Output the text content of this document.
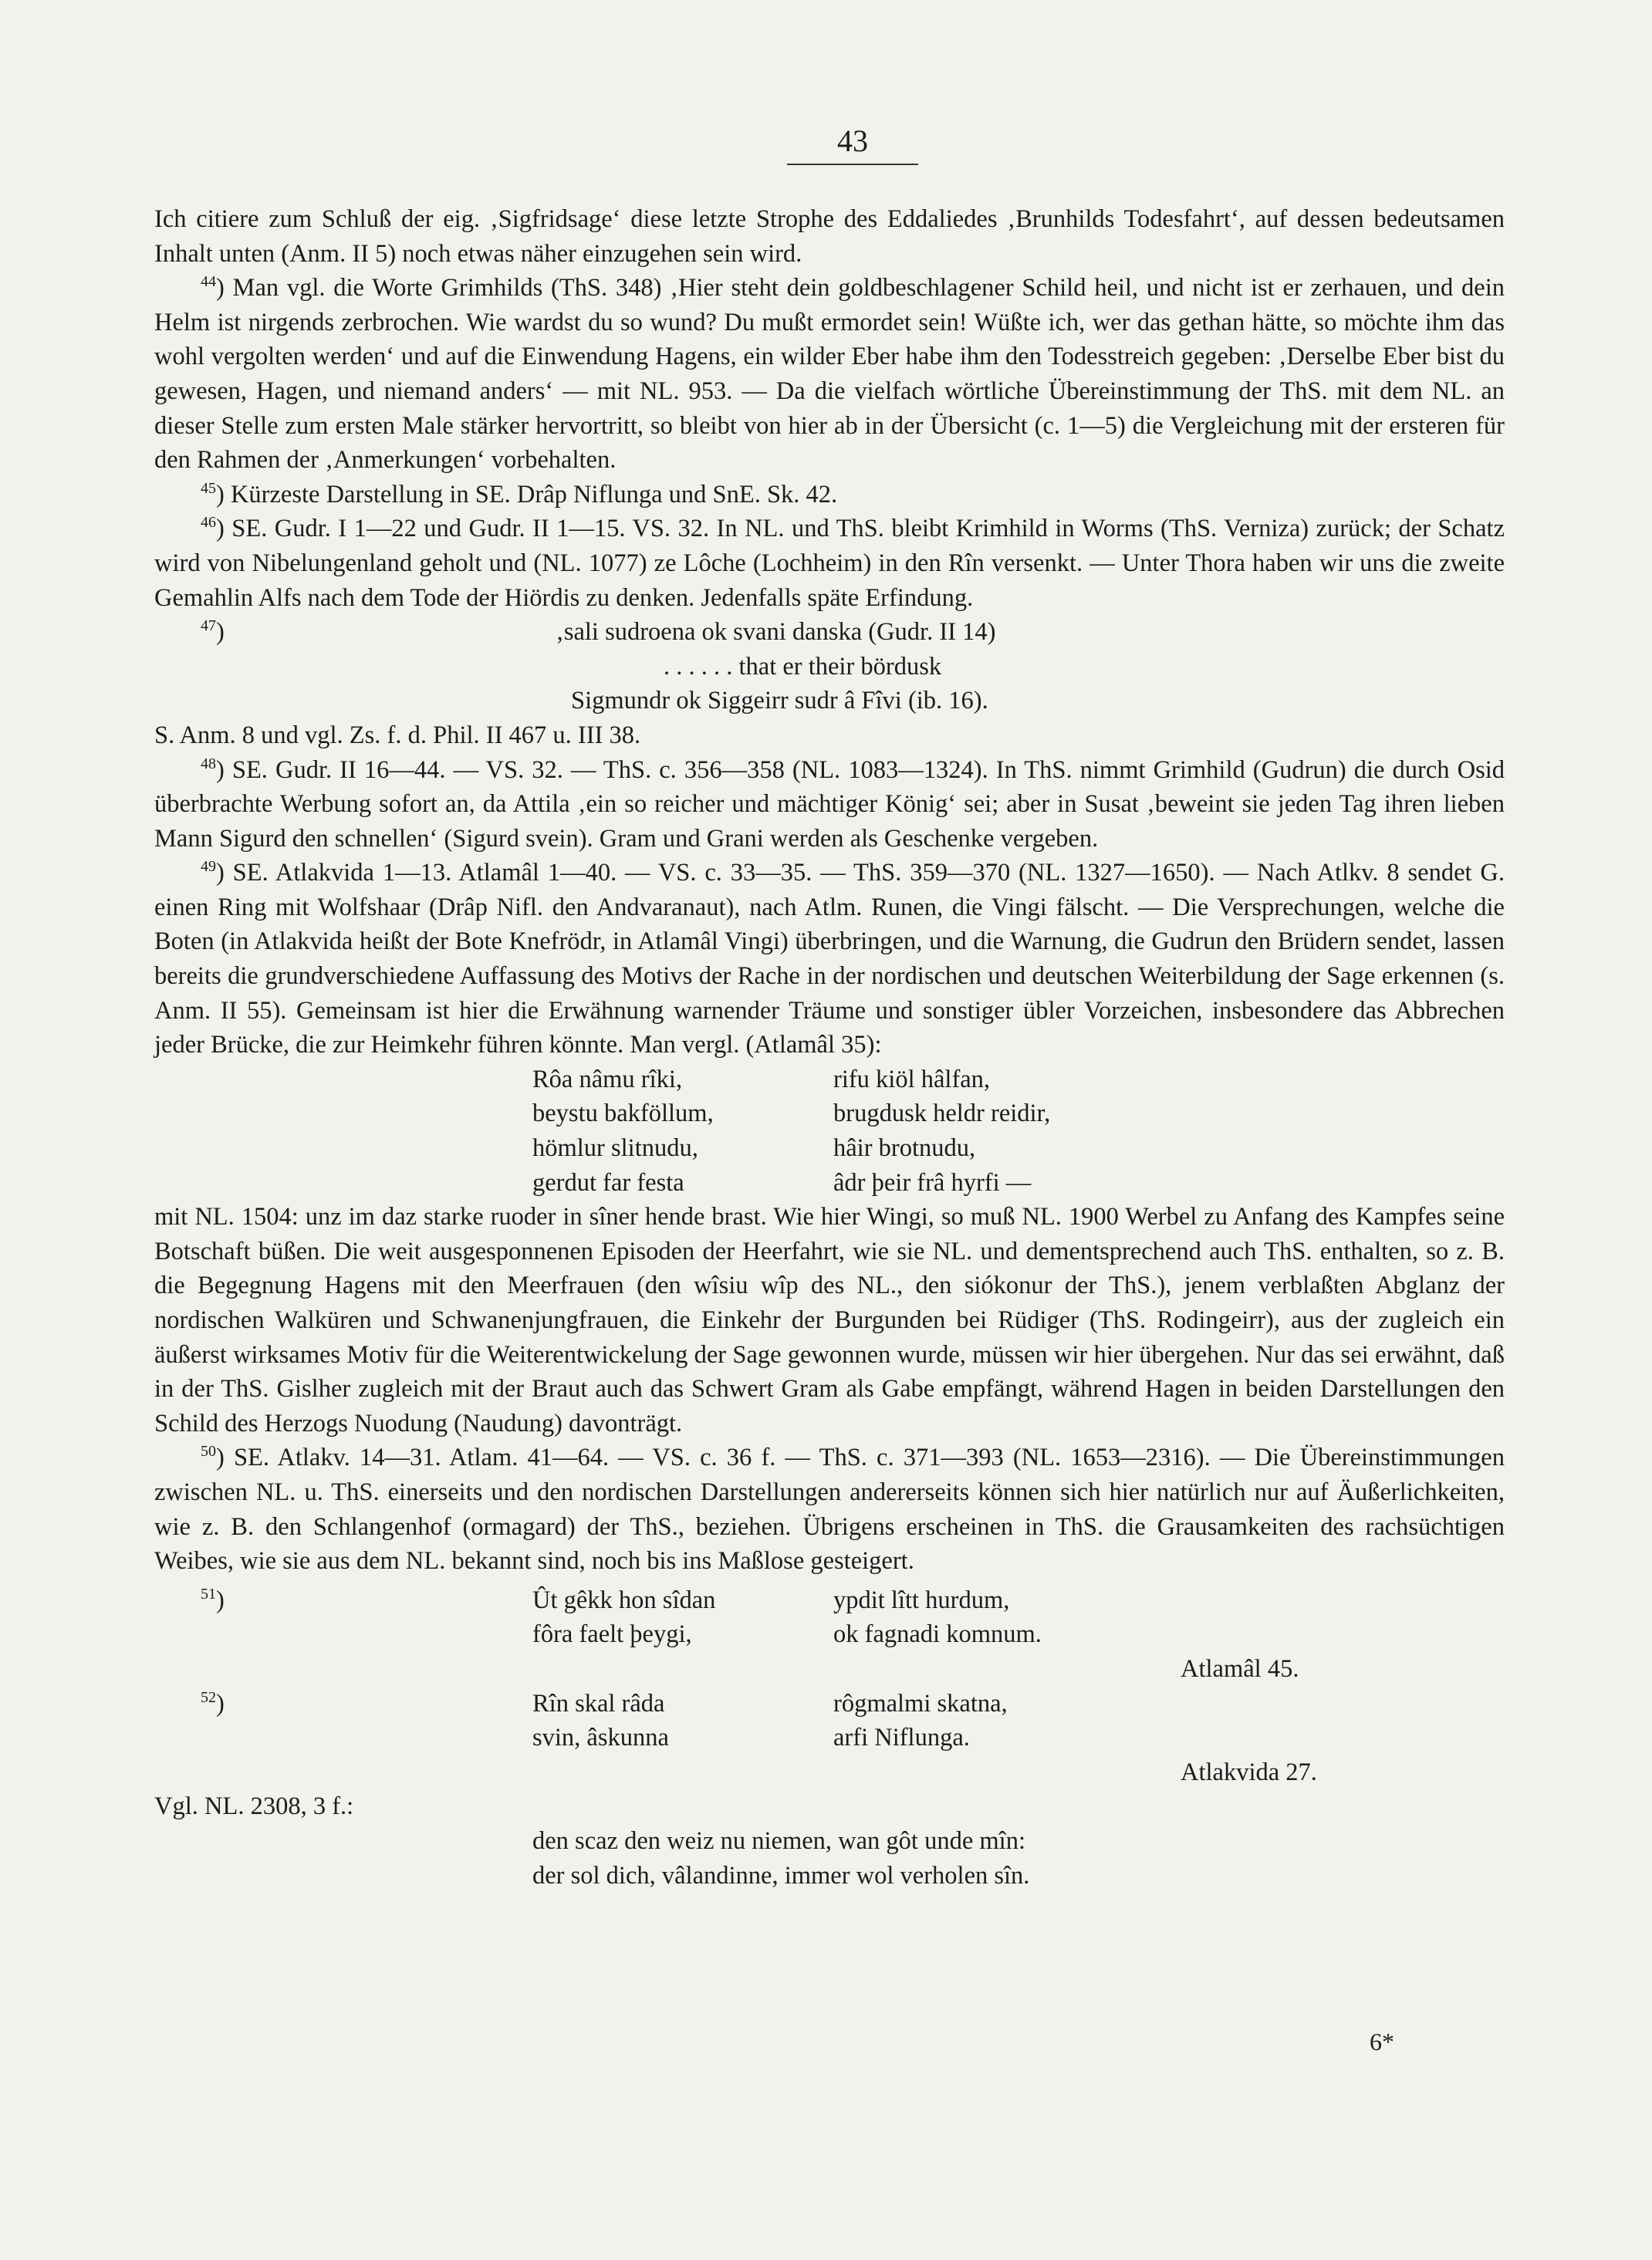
43

Ich citiere zum Schluß der eig. ‚Sigfridsage‘ diese letzte Strophe des Eddaliedes ‚Brunhilds Todesfahrt‘, auf dessen bedeutsamen Inhalt unten (Anm. II 5) noch etwas näher einzugehen sein wird.

$^{44}$) Man vgl. die Worte Grimhilds (ThS. 348) ‚Hier steht dein goldbeschlagener Schild heil, und nicht ist er zerhauen, und dein Helm ist nirgends zerbrochen. Wie wardst du so wund? Du mußt ermordet sein! Wüßte ich, wer das gethan hätte, so möchte ihm das wohl vergolten werden‘ und auf die Einwendung Hagens, ein wilder Eber habe ihm den Todesstreich gegeben: ‚Derselbe Eber bist du gewesen, Hagen, und niemand anders‘ — mit NL. 953. — Da die vielfach wörtliche Übereinstimmung der ThS. mit dem NL. an dieser Stelle zum ersten Male stärker hervortritt, so bleibt von hier ab in der Übersicht (c. 1—5) die Vergleichung mit der ersteren für den Rahmen der ‚Anmerkungen‘ vorbehalten.

$^{45}$) Kürzeste Darstellung in SE. Drâp Niflunga und SnE. Sk. 42.

$^{46}$) SE. Gudr. I 1—22 und Gudr. II 1—15. VS. 32. In NL. und ThS. bleibt Krimhild in Worms (ThS. Verniza) zurück; der Schatz wird von Nibelungenland geholt und (NL. 1077) ze Lôche (Lochheim) in den Rîn versenkt. — Unter Thora haben wir uns die zweite Gemahlin Alfs nach dem Tode der Hiördis zu denken. Jedenfalls späte Erfindung.

$^{47}$)	‚sali sudroena ok svani danska (Gudr. II 14)
. . . . . . that er their bördusk
Sigmundr ok Siggeirr sudr â Fîvi (ib. 16).

S. Anm. 8 und vgl. Zs. f. d. Phil. II 467 u. III 38.

$^{48}$) SE. Gudr. II 16—44. — VS. 32. — ThS. c. 356—358 (NL. 1083—1324). In ThS. nimmt Grimhild (Gudrun) die durch Osid überbrachte Werbung sofort an, da Attila ‚ein so reicher und mächtiger König‘ sei; aber in Susat ‚beweint sie jeden Tag ihren lieben Mann Sigurd den schnellen‘ (Sigurd svein). Gram und Grani werden als Geschenke vergeben.

$^{49}$) SE. Atlakvida 1—13. Atlamâl 1—40. — VS. c. 33—35. — ThS. 359—370 (NL. 1327—1650). — Nach Atlkv. 8 sendet G. einen Ring mit Wolfshaar (Drâp Nifl. den Andvaranaut), nach Atlm. Runen, die Vingi fälscht. — Die Versprechungen, welche die Boten (in Atlakvida heißt der Bote Knefrödr, in Atlamâl Vingi) überbringen, und die Warnung, die Gudrun den Brüdern sendet, lassen bereits die grundverschiedene Auffassung des Motivs der Rache in der nordischen und deutschen Weiterbildung der Sage erkennen (s. Anm. II 55). Gemeinsam ist hier die Erwähnung warnender Träume und sonstiger übler Vorzeichen, insbesondere das Abbrechen jeder Brücke, die zur Heimkehr führen könnte. Man vergl. (Atlamâl 35):

Rôa nâmu rîki,	rifu kiöl hâlfan,
beystu bakföllum,	brugdusk heldr reidir,
hömlur slitnudu,	hâir brotnudu,
gerdut far festa	âdr þeir frâ hyrfi —

mit NL. 1504: unz im daz starke ruoder in sîner hende brast. Wie hier Wingi, so muß NL. 1900 Werbel zu Anfang des Kampfes seine Botschaft büßen. Die weit ausgesponnenen Episoden der Heerfahrt, wie sie NL. und dementsprechend auch ThS. enthalten, so z. B. die Begegnung Hagens mit den Meerfrauen (den wîsiu wîp des NL., den siókonur der ThS.), jenem verblaßten Abglanz der nordischen Walküren und Schwanenjungfrauen, die Einkehr der Burgunden bei Rüdiger (ThS. Rodingeirr), aus der zugleich ein äußerst wirksames Motiv für die Weiterentwickelung der Sage gewonnen wurde, müssen wir hier übergehen. Nur das sei erwähnt, daß in der ThS. Gislher zugleich mit der Braut auch das Schwert Gram als Gabe empfängt, während Hagen in beiden Darstellungen den Schild des Herzogs Nuodung (Naudung) davonträgt.

$^{50}$) SE. Atlakv. 14—31. Atlam. 41—64. — VS. c. 36 f. — ThS. c. 371—393 (NL. 1653—2316). — Die Übereinstimmungen zwischen NL. u. ThS. einerseits und den nordischen Darstellungen andererseits können sich hier natürlich nur auf Äußerlichkeiten, wie z. B. den Schlangenhof (ormagard) der ThS., beziehen. Übrigens erscheinen in ThS. die Grausamkeiten des rachsüchtigen Weibes, wie sie aus dem NL. bekannt sind, noch bis ins Maßlose gesteigert.

$^{51}$)	Ût gêkk hon sîdan	ypdit lîtt hurdum,
fôra faelt þeygi,	ok fagnadi komnum.
Atlamâl 45.
$^{52}$)	Rîn skal râda	rôgmalmi skatna,
svin, âskunna	arfi Niflunga.
Atlakvida 27.
Vgl. NL. 2308, 3 f.:
den scaz den weiz nu niemen, wan gôt unde mîn:
der sol dich, vâlandinne, immer wol verholen sîn.
6*
